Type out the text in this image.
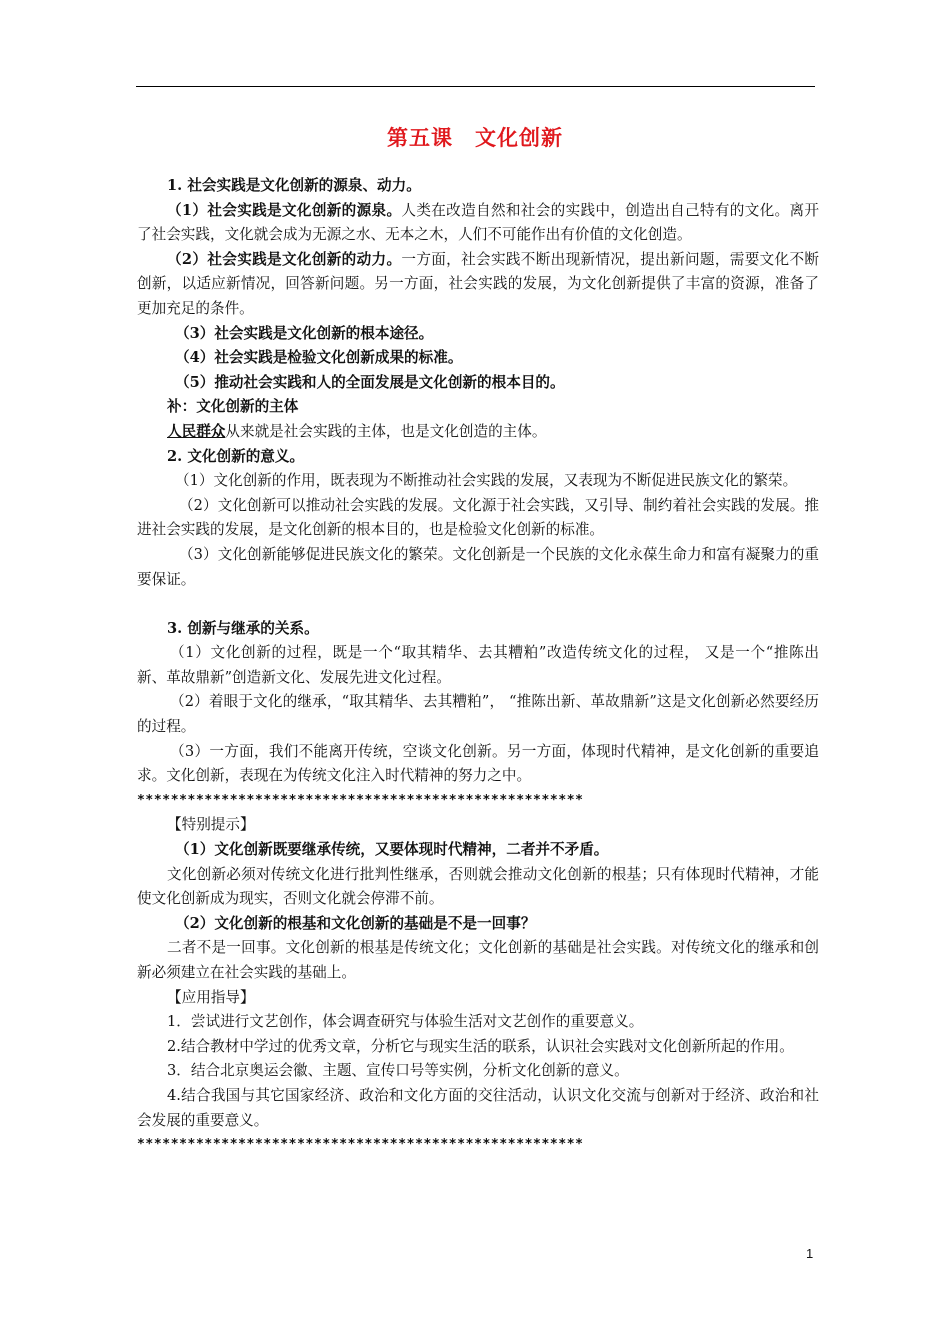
第五课　文化创新

1. 社会实践是文化创新的源泉、动力。

（1）社会实践是文化创新的源泉。人类在改造自然和社会的实践中，创造出自己特有的文化。离开了社会实践，文化就会成为无源之水、无本之木，人们不可能作出有价值的文化创造。

（2）社会实践是文化创新的动力。一方面，社会实践不断出现新情况，提出新问题，需要文化不断创新，以适应新情况，回答新问题。另一方面，社会实践的发展，为文化创新提供了丰富的资源，准备了更加充足的条件。

（3）社会实践是文化创新的根本途径。

（4）社会实践是检验文化创新成果的标准。

（5）推动社会实践和人的全面发展是文化创新的根本目的。

补：文化创新的主体

人民群众从来就是社会实践的主体，也是文化创造的主体。

2. 文化创新的意义。

（1）文化创新的作用，既表现为不断推动社会实践的发展，又表现为不断促进民族文化的繁荣。

（2）文化创新可以推动社会实践的发展。文化源于社会实践，又引导、制约着社会实践的发展。推进社会实践的发展，是文化创新的根本目的，也是检验文化创新的标准。

（3）文化创新能够促进民族文化的繁荣。文化创新是一个民族的文化永葆生命力和富有凝聚力的重要保证。

3. 创新与继承的关系。

（1）文化创新的过程，既是一个“取其精华、去其糟粕”改造传统文化的过程， 又是一个“推陈出新、革故鼎新”创造新文化、发展先进文化过程。

（2）着眼于文化的继承，“取其精华、去其糟粕”， “推陈出新、革故鼎新”这是文化创新必然要经历的过程。

（3）一方面，我们不能离开传统，空谈文化创新。另一方面，体现时代精神，是文化创新的重要追求。文化创新，表现在为传统文化注入时代精神的努力之中。

*****************************************************

【特别提示】

（1）文化创新既要继承传统，又要体现时代精神，二者并不矛盾。

文化创新必须对传统文化进行批判性继承，否则就会推动文化创新的根基；只有体现时代精神，才能使文化创新成为现实，否则文化就会停滞不前。

（2）文化创新的根基和文化创新的基础是不是一回事？

二者不是一回事。文化创新的根基是传统文化；文化创新的基础是社会实践。对传统文化的继承和创新必须建立在社会实践的基础上。

【应用指导】

1．尝试进行文艺创作，体会调查研究与体验生活对文艺创作的重要意义。

2.结合教材中学过的优秀文章，分析它与现实生活的联系，认识社会实践对文化创新所起的作用。

3．结合北京奥运会徽、主题、宣传口号等实例，分析文化创新的意义。

4.结合我国与其它国家经济、政治和文化方面的交往活动，认识文化交流与创新对于经济、政治和社会发展的重要意义。

*****************************************************

1
